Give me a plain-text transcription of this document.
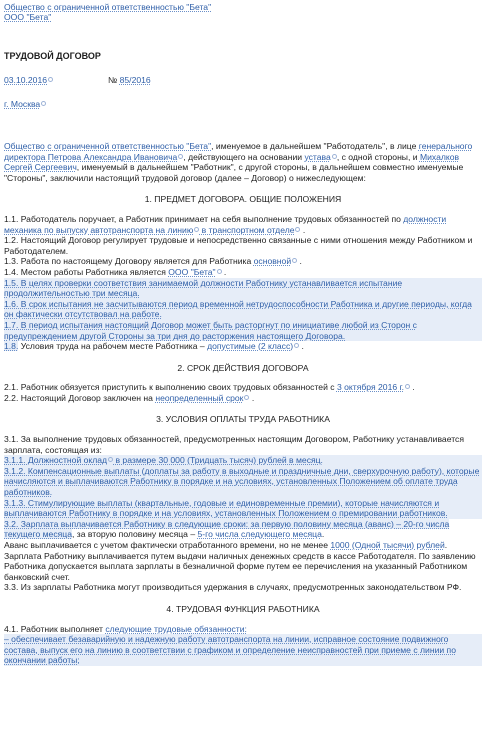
Общество с ограниченной ответственностью "Бета"
ООО "Бета"
ТРУДОВОЙ ДОГОВОР
03.10.2016	№ 85/2016
г. Москва

Общество с ограниченной ответственностью "Бета", именуемое в дальнейшем "Работодатель", в лице генерального директора Петрова Александра Ивановича , действующего на основании устава , с одной стороны, и Михалков Сергей Сергеевич, именуемый в дальнейшем "Работник", с другой стороны, в дальнейшем совместно именуемые "Стороны", заключили настоящий трудовой договор (далее – Договор) о нижеследующем:

1. ПРЕДМЕТ ДОГОВОРА. ОБЩИЕ ПОЛОЖЕНИЯ

1.1. Работодатель поручает, а Работник принимает на себя выполнение трудовых обязанностей по должности механика по выпуску автотранспорта на линию в транспортном отделе .

1.2. Настоящий Договор регулирует трудовые и непосредственно связанные с ними отношения между Работником и Работодателем.

1.3. Работа по настоящему Договору является для Работника основной .

1.4. Местом работы Работника является ООО "Бета" .

1.5. В целях проверки соответствия занимаемой должности Работнику устанавливается испытание продолжительностью три месяца.

1.6. В срок испытания не засчитываются период временной нетрудоспособности Работника и другие периоды, когда он фактически отсутствовал на работе.

1.7. В период испытания настоящий Договор может быть расторгнут по инициативе любой из Сторон с предупреждением другой Стороны за три дня до расторжения настоящего Договора.

1.8. Условия труда на рабочем месте Работника – допустимые (2 класс) .

2. СРОК ДЕЙСТВИЯ ДОГОВОРА

2.1. Работник обязуется приступить к выполнению своих трудовых обязанностей с 3 октября 2016 г. .

2.2. Настоящий Договор заключен на неопределенный срок .

3. УСЛОВИЯ ОПЛАТЫ ТРУДА РАБОТНИКА

3.1. За выполнение трудовых обязанностей, предусмотренных настоящим Договором, Работнику устанавливается зарплата, состоящая из:

3.1.1. Должностной оклад в размере 30 000 (Тридцать тысяч) рублей в месяц.

3.1.2. Компенсационные выплаты (доплаты за работу в выходные и праздничные дни, сверхурочную работу), которые начисляются и выплачиваются Работнику в порядке и на условиях, установленных Положением об оплате труда работников.

3.1.3. Стимулирующие выплаты (квартальные, годовые и единовременные премии), которые начисляются и выплачиваются Работнику в порядке и на условиях, установленных Положением о премировании работников.

3.2. Зарплата выплачивается Работнику в следующие сроки: за первую половину месяца (аванс) – 20-го числа текущего месяца, за вторую половину месяца – 5-го числа следующего месяца.

Аванс выплачивается с учетом фактически отработанного времени, но не менее 1000 (Одной тысячи) рублей.

Зарплата Работнику выплачивается путем выдачи наличных денежных средств в кассе Работодателя. По заявлению Работника допускается выплата зарплаты в безналичной форме путем ее перечисления на указанный Работником банковский счет.

3.3. Из зарплаты Работника могут производиться удержания в случаях, предусмотренных законодательством РФ.

4. ТРУДОВАЯ ФУНКЦИЯ РАБОТНИКА

4.1. Работник выполняет следующие трудовые обязанности:

– обеспечивает безаварийную и надежную работу автотранспорта на линии, исправное состояние подвижного состава, выпуск его на линию в соответствии с графиком и определение неисправностей при приеме с линии по окончании работы;
